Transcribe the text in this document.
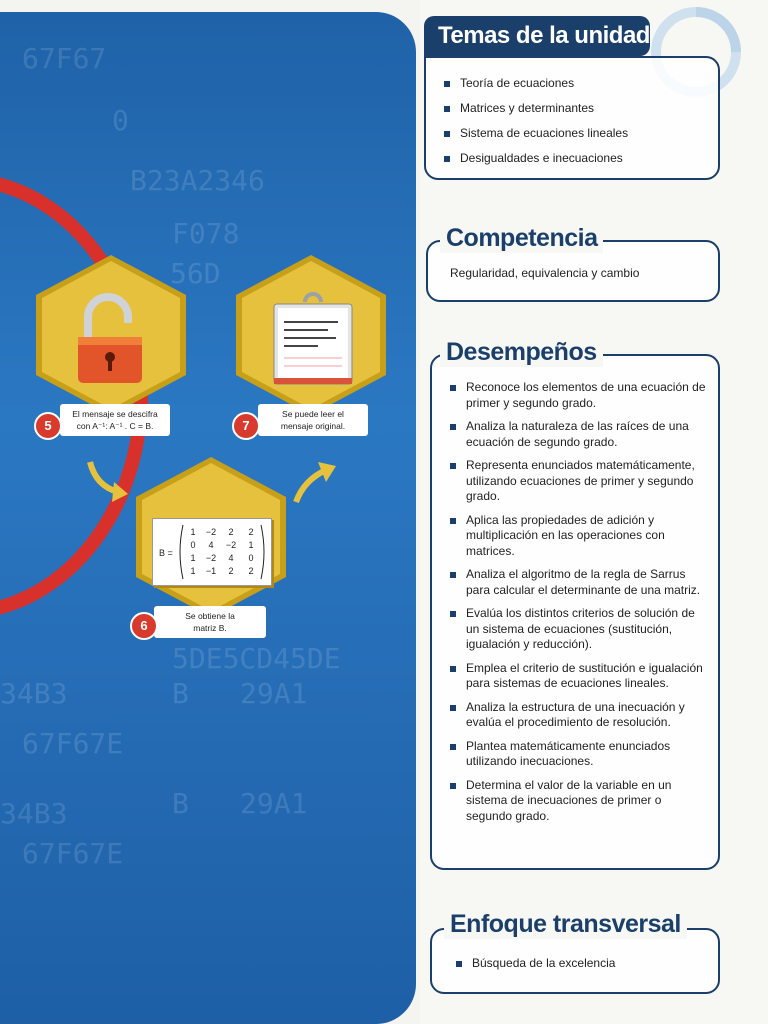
67F67
0
B23A2346
F078
56D
5DE5CD45DE
34B3	B 29A1
67F67E
34B3	B 29A1
67F67E
B =
1 −2 2 2
0 4 −2 1
1 −2 4 0
1 −1 2 2
El mensaje se descifra
con A⁻¹: A⁻¹ . C = B.
5
Se puede leer el
mensaje original.
7
Se obtiene la
matriz B.
6
Temas de la unidad
Teoría de ecuaciones
Matrices y determinantes
Sistema de ecuaciones lineales
Desigualdades e inecuaciones
Regularidad, equivalencia y cambio
Competencia
Reconoce los elementos de una ecuación de primer y segundo grado.
Analiza la naturaleza de las raíces de una ecuación de segundo grado.
Representa enunciados matemáticamente, utilizando ecuaciones de primer y segundo grado.
Aplica las propiedades de adición y multiplicación en las operaciones con matrices.
Analiza el algoritmo de la regla de Sarrus para calcular el determinante de una matriz.
Evalúa los distintos criterios de solución de un sistema de ecuaciones (sustitución, igualación y reducción).
Emplea el criterio de sustitución e igualación para sistemas de ecuaciones lineales.
Analiza la estructura de una inecuación y evalúa el procedimiento de resolución.
Plantea matemáticamente enunciados utilizando inecuaciones.
Determina el valor de la variable en un sistema de inecuaciones de primer o segundo grado.
Desempeños
Búsqueda de la excelencia
Enfoque transversal
